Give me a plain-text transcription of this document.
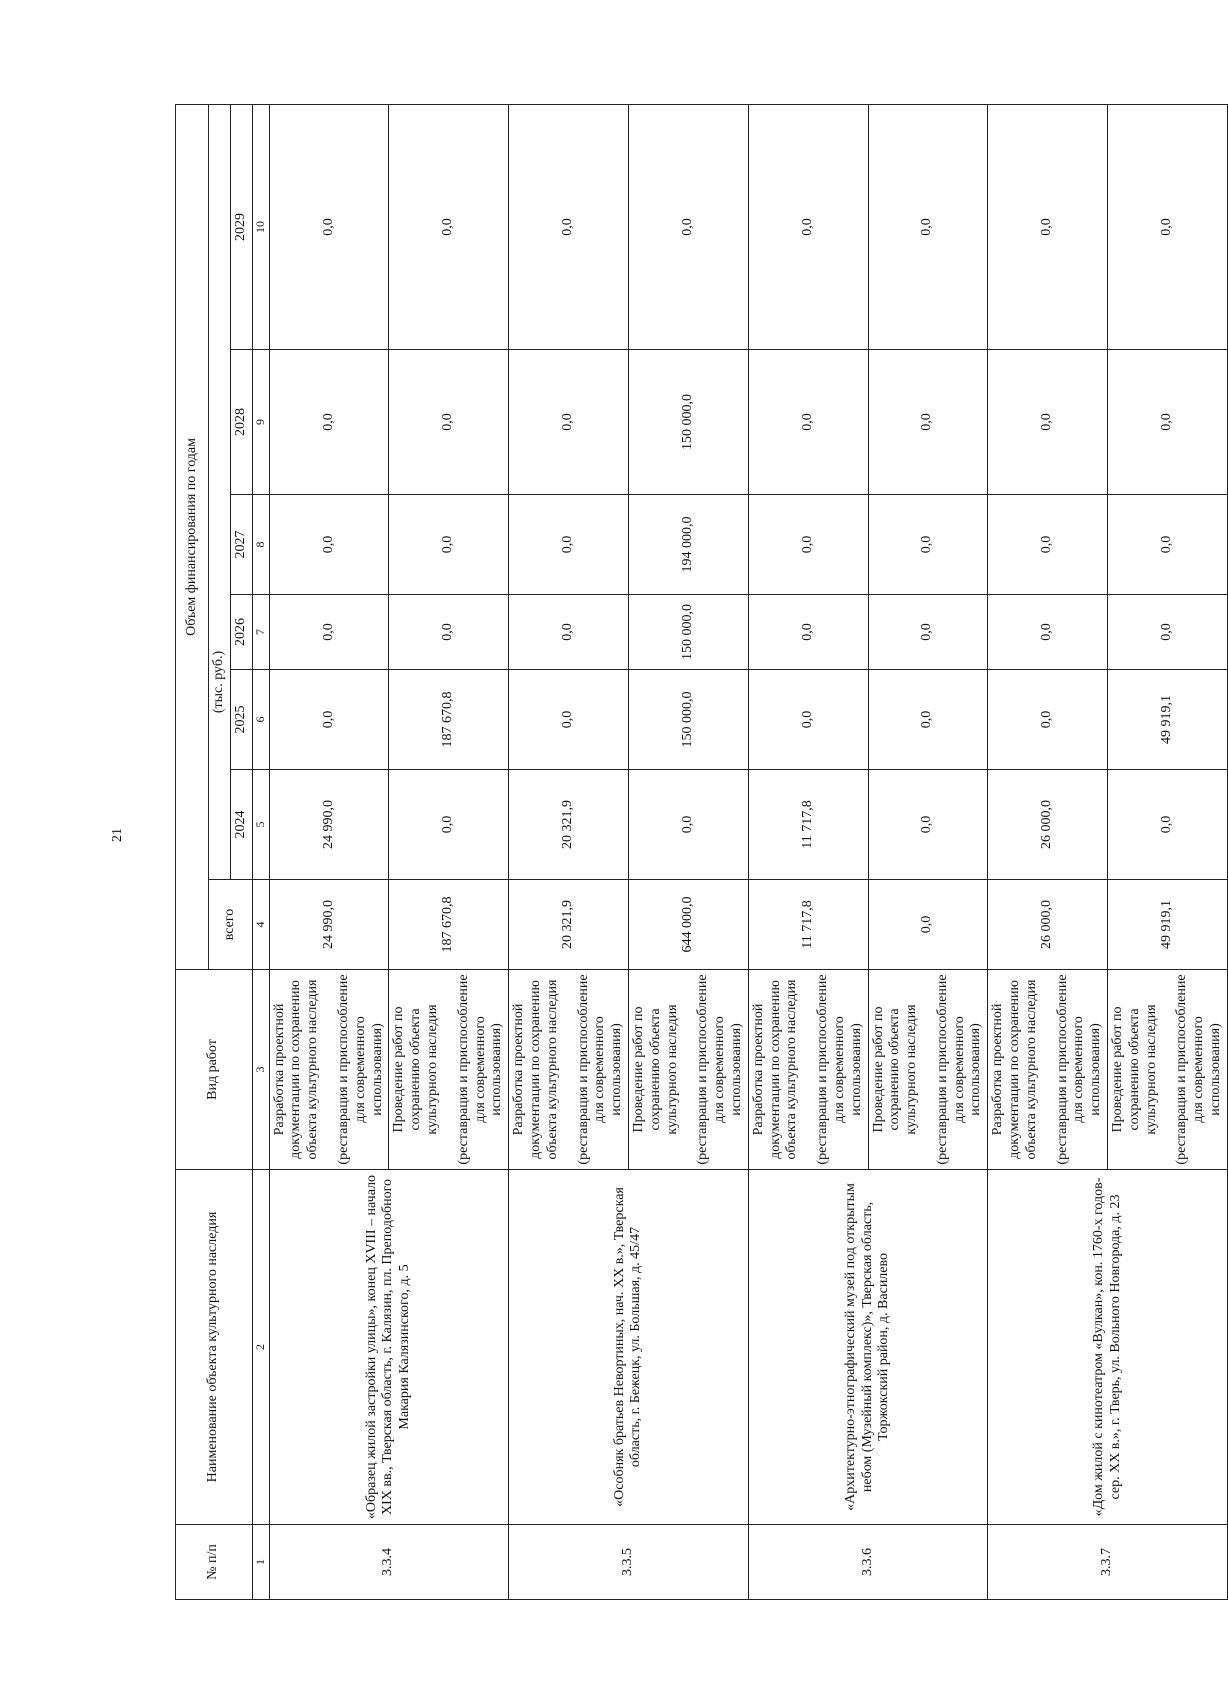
21
№ п/п	Наименование объекта культурного наследия	Вид работ	Объем финансирования по годам						
			всего		(тыс. руб.)				
				2024	2025	2026	2027	2028	2029
1	2	3	4	5	6	7	8	9	10
3.3.4	«Образец жилой застройки улицы», конец XVIII – начало XIX вв., Тверская область, г. Калязин, пл. Преподобного Макария Калязинского, д. 5	Разработка проектной документации по сохранению объекта культурного наследия (реставрация и приспособление для современного использования)	24 990,0	24 990,0	0,0	0,0	0,0	0,0	0,0
		Проведение работ по сохранению объекта культурного наследия (реставрация и приспособление для современного использования)	187 670,8	0,0	187 670,8	0,0	0,0	0,0	0,0
3.3.5	«Особняк братьев Невортиных, нач. XX в.», Тверская область, г. Бежецк, ул. Большая, д. 45/47	Разработка проектной документации по сохранению объекта культурного наследия (реставрация и приспособление для современного использования)	20 321,9	20 321,9	0,0	0,0	0,0	0,0	0,0
		Проведение работ по сохранению объекта культурного наследия (реставрация и приспособление для современного использования)	644 000,0	0,0	150 000,0	150 000,0	194 000,0	150 000,0	0,0
3.3.6	«Архитектурно-этнографический музей под открытым небом (Музейный комплекс)», Тверская область, Торжокский район, д. Василево	Разработка проектной документации по сохранению объекта культурного наследия (реставрация и приспособление для современного использования)	11 717,8	11 717,8	0,0	0,0	0,0	0,0	0,0
		Проведение работ по сохранению объекта культурного наследия (реставрация и приспособление для современного использования)	0,0	0,0	0,0	0,0	0,0	0,0	0,0
3.3.7	«Дом жилой с кинотеатром «Вулкан», кон. 1760-х годов-сер. XX в.», г. Тверь, ул. Вольного Новгорода, д. 23	Разработка проектной документации по сохранению объекта культурного наследия (реставрация и приспособление для современного использования)	26 000,0	26 000,0	0,0	0,0	0,0	0,0	0,0
		Проведение работ по сохранению объекта культурного наследия (реставрация и приспособление для современного использования)	49 919,1	0,0	49 919,1	0,0	0,0	0,0	0,0
